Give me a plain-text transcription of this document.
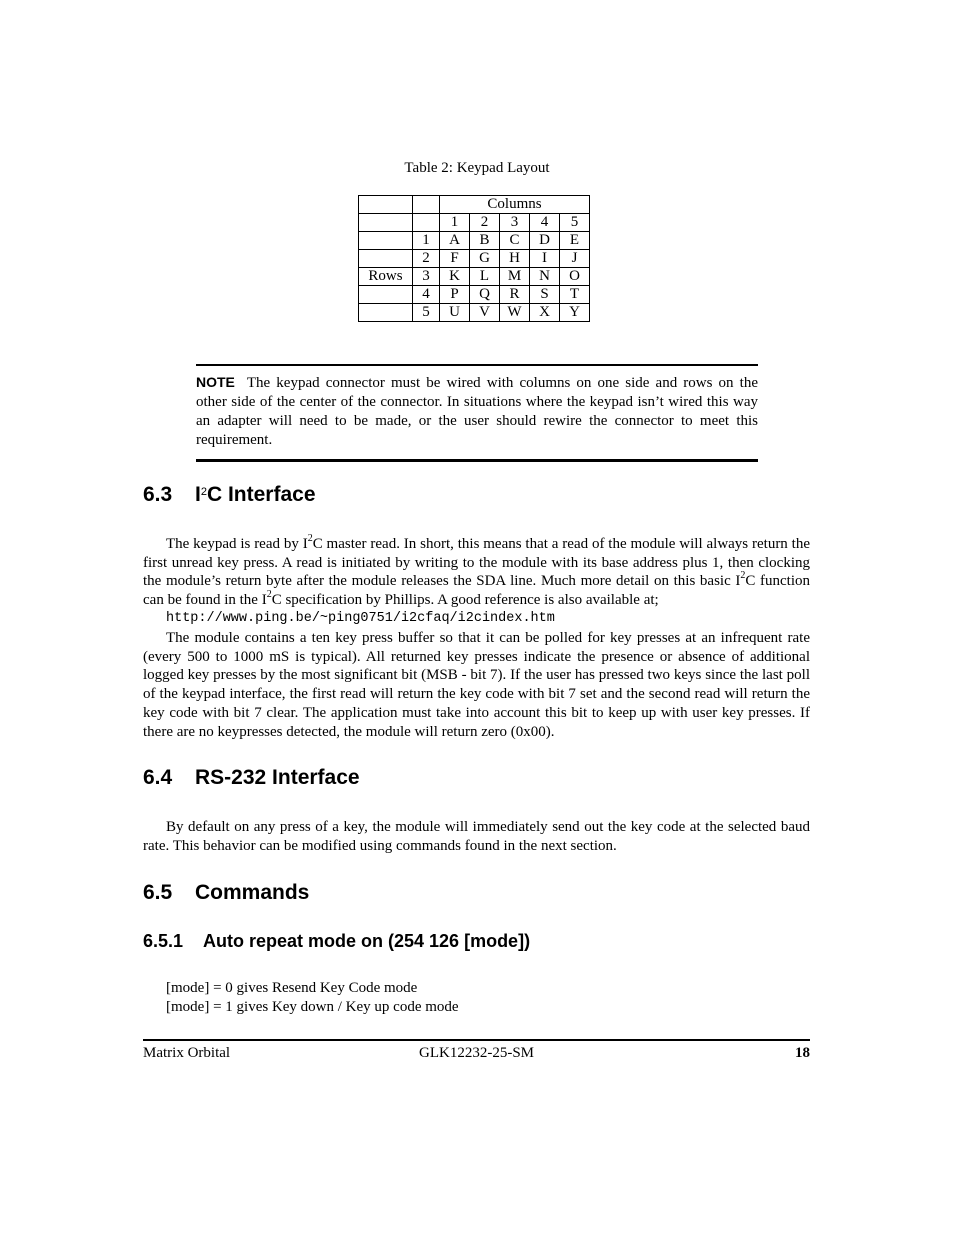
Table 2: Keypad Layout
		Columns				
		1	2	3	4	5
	1	A	B	C	D	E
	2	F	G	H	I	J
Rows	3	K	L	M	N	O
	4	P	Q	R	S	T
	5	U	V	W	X	Y

NOTE The keypad connector must be wired with columns on one side and rows on the other side of the center of the connector. In situations where the keypad isn’t wired this way an adapter will need to be made, or the user should rewire the connector to meet this requirement.

6.3 $I^2C$ Interface

The keypad is read by $I^2C$ master read. In short, this means that a read of the module will always return the first unread key press. A read is initiated by writing to the module with its base address plus 1, then clocking the module’s return byte after the module releases the SDA line. Much more detail on this basic $I^2C$ function can be found in the $I^2C$ specification by Phillips. A good reference is also available at;

http://www.ping.be/~ping0751/i2cfaq/i2cindex.htm

The module contains a ten key press buffer so that it can be polled for key presses at an infrequent rate (every 500 to 1000 mS is typical). All returned key presses indicate the presence or absence of additional logged key presses by the most significant bit (MSB - bit 7). If the user has pressed two keys since the last poll of the keypad interface, the first read will return the key code with bit 7 set and the second read will return the key code with bit 7 clear. The application must take into account this bit to keep up with user key presses. If there are no keypresses detected, the module will return zero (0x00).

6.4 RS-232 Interface

By default on any press of a key, the module will immediately send out the key code at the selected baud rate. This behavior can be modified using commands found in the next section.

6.5 Commands
6.5.1 Auto repeat mode on (254 126 [mode])

[mode] = 0 gives Resend Key Code mode

[mode] = 1 gives Key down / Key up code mode

Matrix Orbital	GLK12232-25-SM	18
